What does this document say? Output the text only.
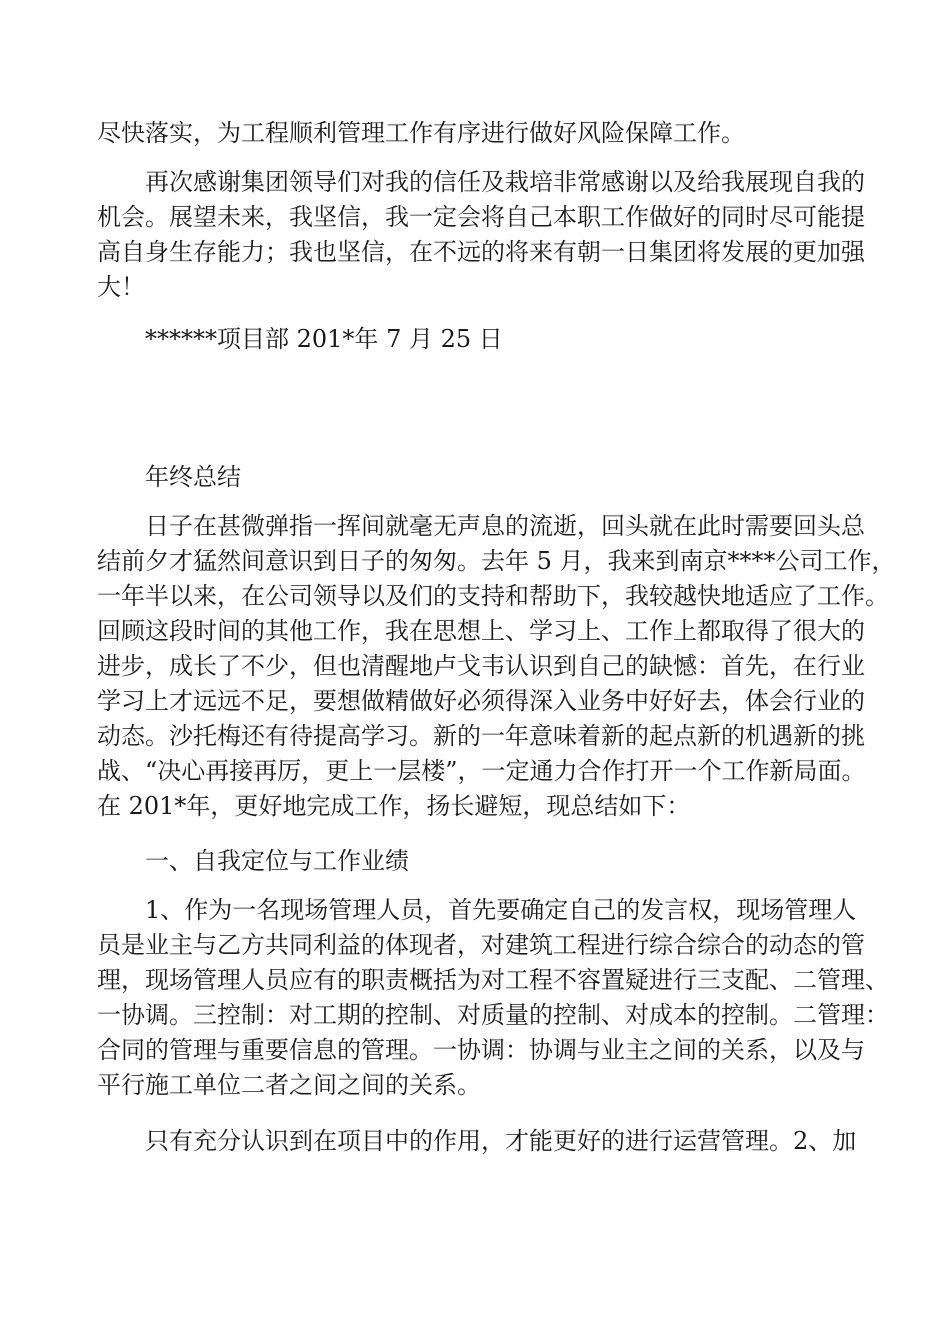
尽快落实，为工程顺利管理工作有序进行做好风险保障工作。
再次感谢集团领导们对我的信任及栽培非常感谢以及给我展现自我的
机会。展望未来，我坚信，我一定会将自己本职工作做好的同时尽可能提
高自身生存能力；我也坚信，在不远的将来有朝一日集团将发展的更加强
大！
******项目部 201*年 7 月 25 日
年终总结
日子在甚微弹指一挥间就毫无声息的流逝，回头就在此时需要回头总
结前夕才猛然间意识到日子的匆匆。去年 5 月，我来到南京****公司工作，
一年半以来，在公司领导以及们的支持和帮助下，我较越快地适应了工作。
回顾这段时间的其他工作，我在思想上、学习上、工作上都取得了很大的
进步，成长了不少，但也清醒地卢戈韦认识到自己的缺憾：首先，在行业
学习上才远远不足，要想做精做好必须得深入业务中好好去，体会行业的
动态。沙托梅还有待提高学习。新的一年意味着新的起点新的机遇新的挑
战、“决心再接再厉，更上一层楼”，一定通力合作打开一个工作新局面。
在 201*年，更好地完成工作，扬长避短，现总结如下：
一、自我定位与工作业绩
1、作为一名现场管理人员，首先要确定自己的发言权，现场管理人
员是业主与乙方共同利益的体现者，对建筑工程进行综合综合的动态的管
理，现场管理人员应有的职责概括为对工程不容置疑进行三支配、二管理、
一协调。三控制：对工期的控制、对质量的控制、对成本的控制。二管理：
合同的管理与重要信息的管理。一协调：协调与业主之间的关系，以及与
平行施工单位二者之间之间的关系。
只有充分认识到在项目中的作用，才能更好的进行运营管理。2、加
